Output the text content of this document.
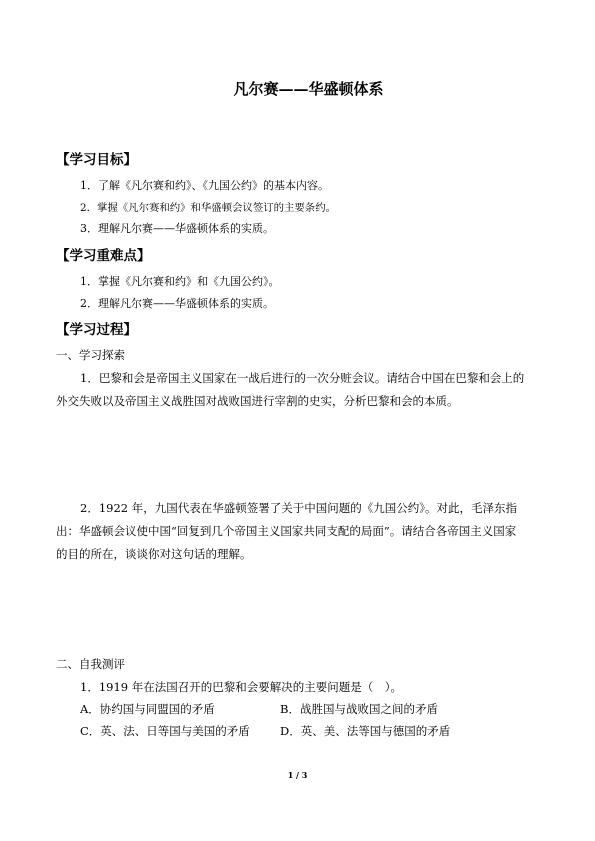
凡尔赛——华盛顿体系
【学习目标】
1．了解《凡尔赛和约》、《九国公约》的基本内容。
2．掌握《凡尔赛和约》和华盛顿会议签订的主要条约。
3．理解凡尔赛——华盛顿体系的实质。
【学习重难点】
1．掌握《凡尔赛和约》和《九国公约》。
2．理解凡尔赛——华盛顿体系的实质。
【学习过程】
一、学习探索
1．巴黎和会是帝国主义国家在一战后进行的一次分赃会议。请结合中国在巴黎和会上的
外交失败以及帝国主义战胜国对战败国进行宰割的史实，分析巴黎和会的本质。
2．1922 年，九国代表在华盛顿签署了关于中国问题的《九国公约》。对此，毛泽东指
出：华盛顿会议使中国“回复到几个帝国主义国家共同支配的局面”。请结合各帝国主义国家
的目的所在，谈谈你对这句话的理解。
二、自我测评
1．1919 年在法国召开的巴黎和会要解决的主要问题是（　）。
A．协约国与同盟国的矛盾	B．战胜国与战败国之间的矛盾
C．英、法、日等国与美国的矛盾	D．英、美、法等国与德国的矛盾
1 / 3
